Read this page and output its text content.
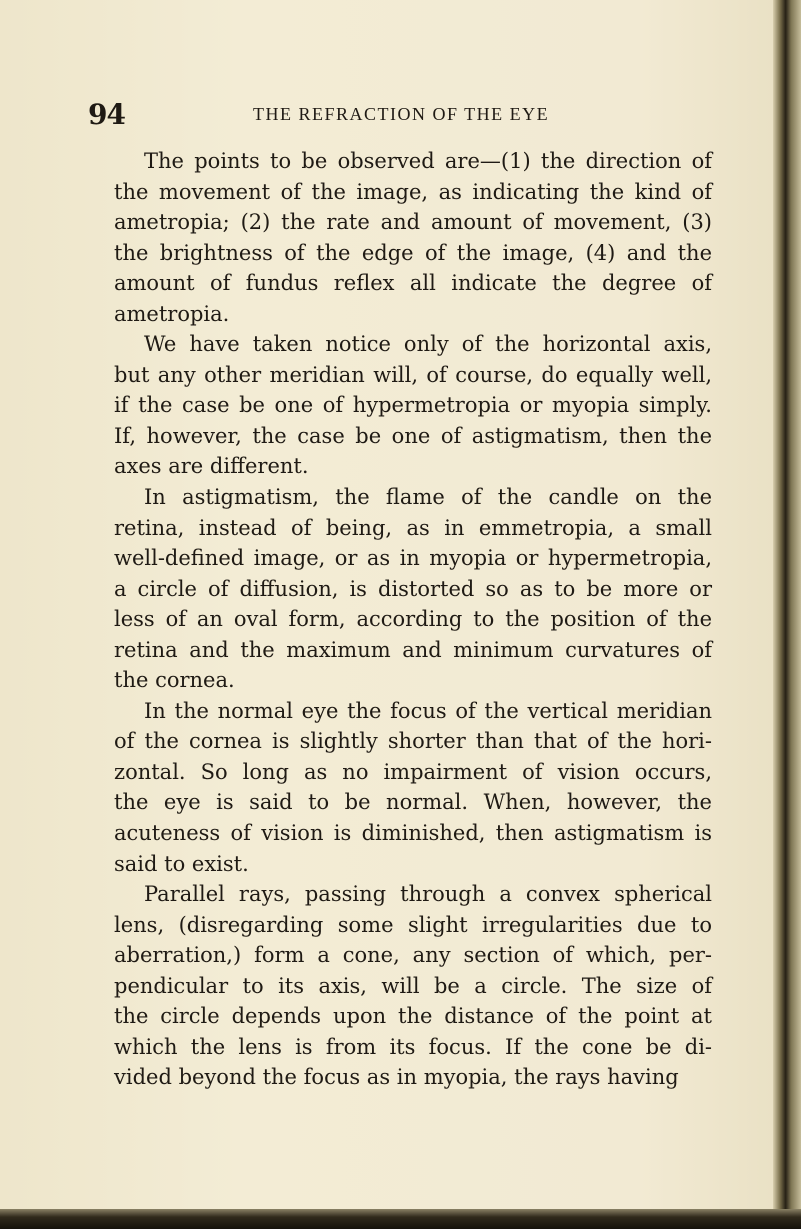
94	THE REFRACTION OF THE EYE
The points to be observed are—(1) the direction of
the movement of the image, as indicating the kind of
ametropia; (2) the rate and amount of movement, (3)
the brightness of the edge of the image, (4) and the
amount of fundus reflex all indicate the degree of
ametropia.
We have taken notice only of the horizontal axis,
but any other meridian will, of course, do equally well,
if the case be one of hypermetropia or myopia simply.
If, however, the case be one of astigmatism, then the
axes are different.
In astigmatism, the flame of the candle on the
retina, instead of being, as in emmetropia, a small
well-defined image, or as in myopia or hypermetropia,
a circle of diffusion, is distorted so as to be more or
less of an oval form, according to the position of the
retina and the maximum and minimum curvatures of
the cornea.
In the normal eye the focus of the vertical meridian
of the cornea is slightly shorter than that of the hori-
zontal. So long as no impairment of vision occurs,
the eye is said to be normal. When, however, the
acuteness of vision is diminished, then astigmatism is
said to exist.
Parallel rays, passing through a convex spherical
lens, (disregarding some slight irregularities due to
aberration,) form a cone, any section of which, per-
pendicular to its axis, will be a circle. The size of
the circle depends upon the distance of the point at
which the lens is from its focus. If the cone be di-
vided beyond the focus as in myopia, the rays having
